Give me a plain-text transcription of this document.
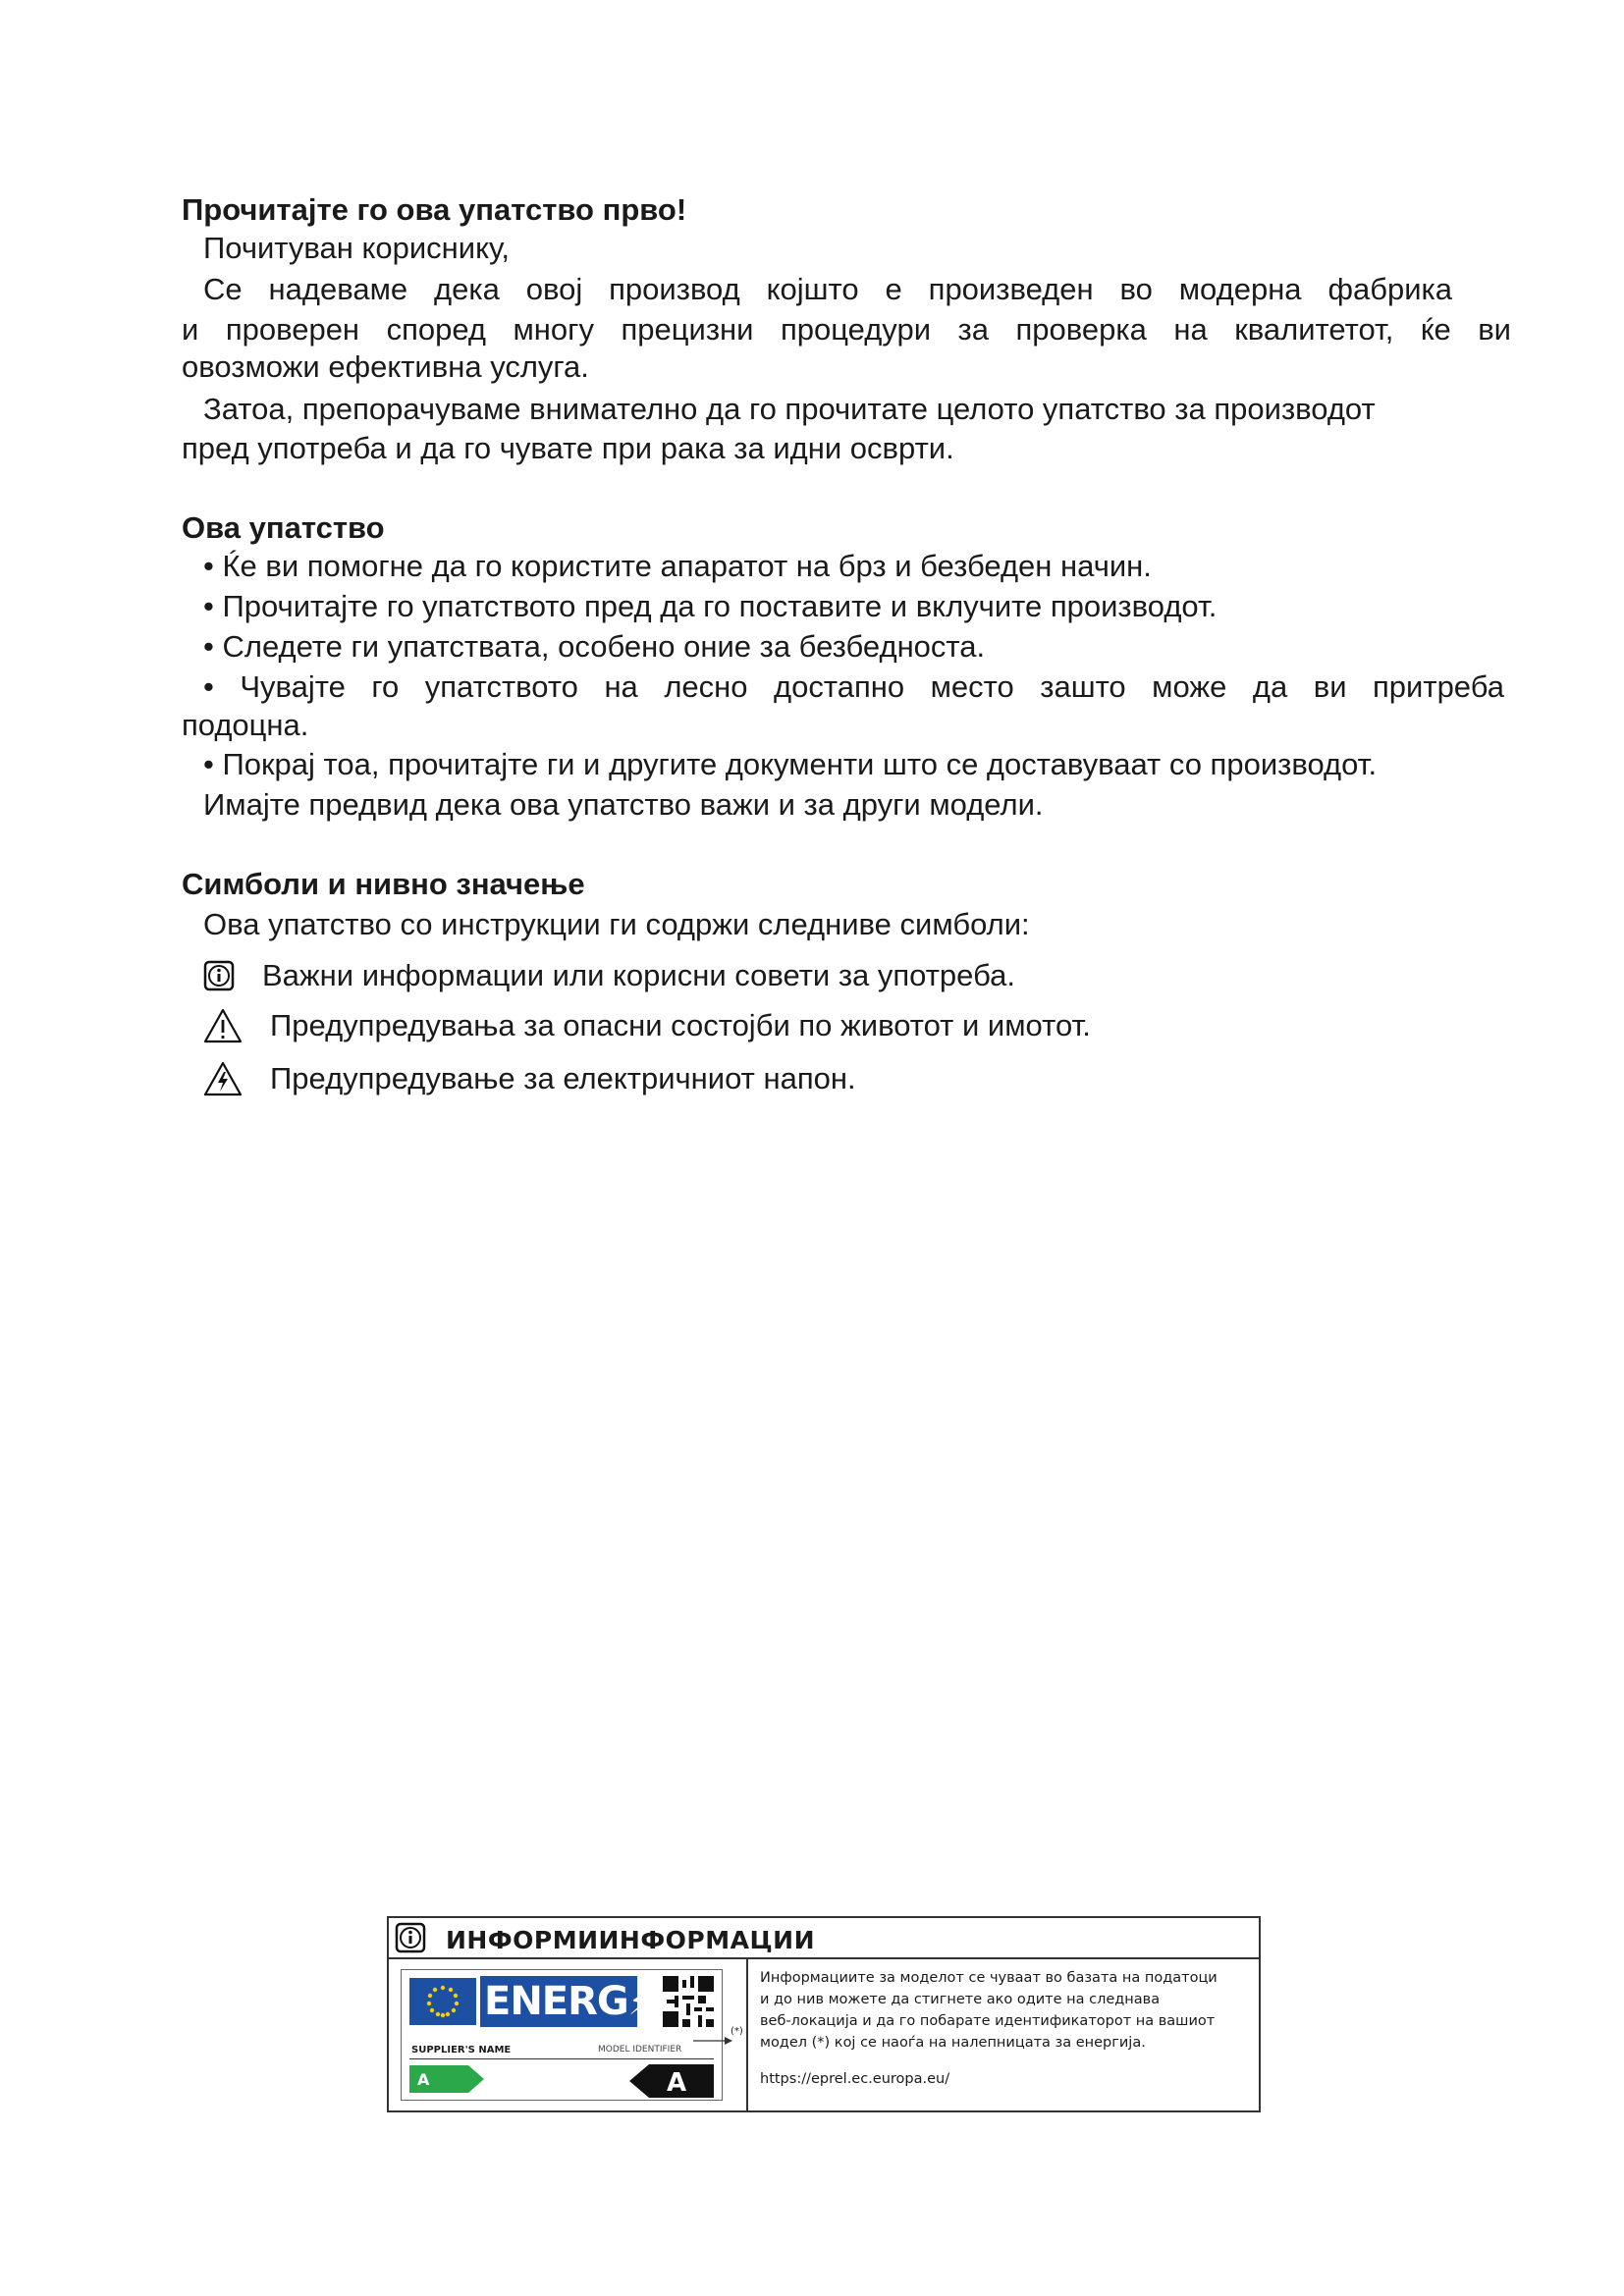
Прочитајте го ова упатство прво!

Почитуван кориснику,

Се надеваме дека овој производ којшто е произведен во модерна фабрика

и проверен според многу прецизни процедури за проверка на квалитетот, ќе ви

овозможи ефективна услуга.

Затоа, препорачуваме внимателно да го прочитате целото упатство за производот

пред употреба и да го чувате при рака за идни осврти.

Ова упатство

• Ќе ви помогне да го користите апаратот на брз и безбеден начин.

• Прочитајте го упатството пред да го поставите и вклучите производот.

• Следете ги упатствата, особено оние за безбедноста.

• Чувајте го упатството на лесно достапно место зашто може да ви притреба

подоцна.

• Покрај тоа, прочитајте ги и другите документи што се доставуваат со производот.

Имајте предвид дека ова упатство важи и за други модели.

Симболи и нивно значење

Ова упатство со инструкции ги содржи следниве симболи:

Важни информации или корисни совети за употреба.
Предупредувања за опасни состојби по животот и имотот.
Предупредување за електричниот напон.
ИНФОРМИИНФОРМАЦИИ
ENERG⚡
SUPPLIER'S NAME	MODEL IDENTIFIER
A	A
(*)
Информациите за моделот се чуваат во базата на податоци
и до нив можете да стигнете ако одите на следнава
веб-локација и да го побарате идентификаторот на вашиот
модел (*) кој се наоѓа на налепницата за енергија.
https://eprel.ec.europa.eu/
